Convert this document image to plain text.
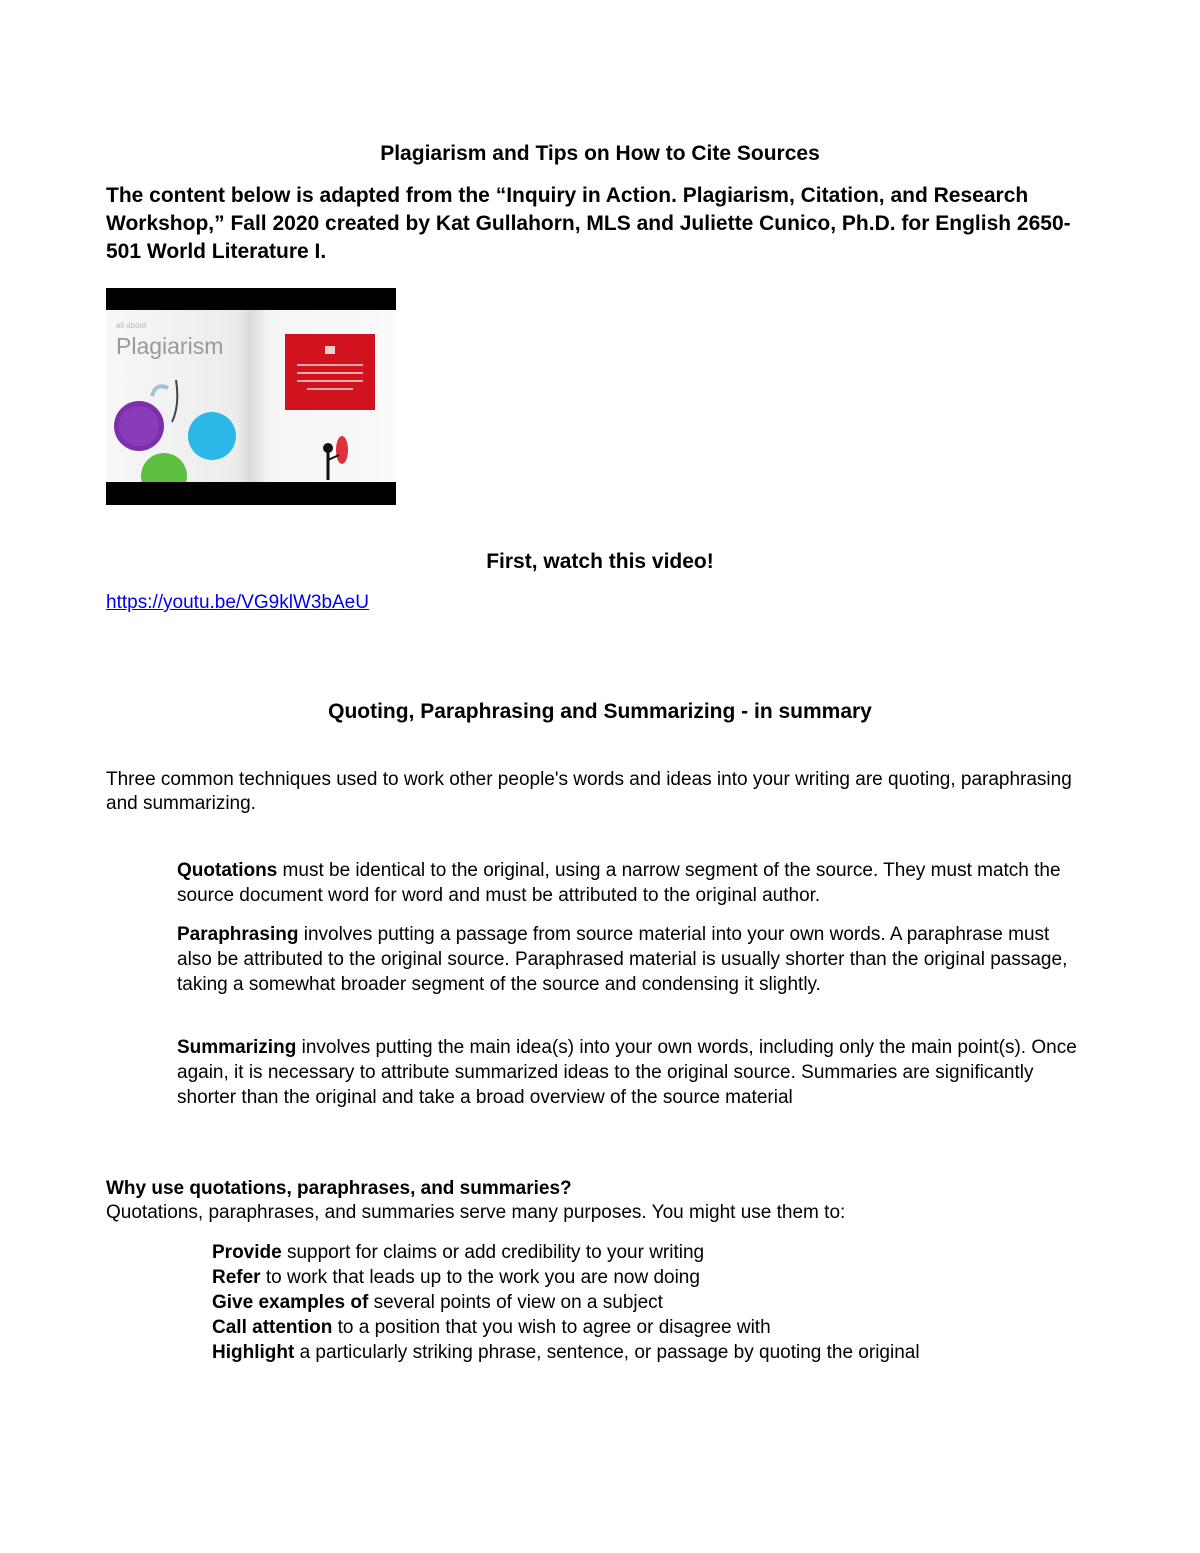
Plagiarism and Tips on How to Cite Sources
The content below is adapted from the “Inquiry in Action. Plagiarism, Citation, and Research Workshop,” Fall 2020 created by Kat Gullahorn, MLS and Juliette Cunico, Ph.D. for English 2650-501 World Literature I.
all about
Plagiarism
First, watch this video!
https://youtu.be/VG9klW3bAeU
Quoting, Paraphrasing and Summarizing - in summary
Three common techniques used to work other people's words and ideas into your writing are quoting, paraphrasing and summarizing.
Quotations must be identical to the original, using a narrow segment of the source. They must match the source document word for word and must be attributed to the original author.
Paraphrasing involves putting a passage from source material into your own words. A paraphrase must also be attributed to the original source. Paraphrased material is usually shorter than the original passage, taking a somewhat broader segment of the source and condensing it slightly.
Summarizing involves putting the main idea(s) into your own words, including only the main point(s). Once again, it is necessary to attribute summarized ideas to the original source. Summaries are significantly shorter than the original and take a broad overview of the source material
Why use quotations, paraphrases, and summaries?
Quotations, paraphrases, and summaries serve many purposes. You might use them to:
Provide support for claims or add credibility to your writing
Refer to work that leads up to the work you are now doing
Give examples of several points of view on a subject
Call attention to a position that you wish to agree or disagree with
Highlight a particularly striking phrase, sentence, or passage by quoting the original
